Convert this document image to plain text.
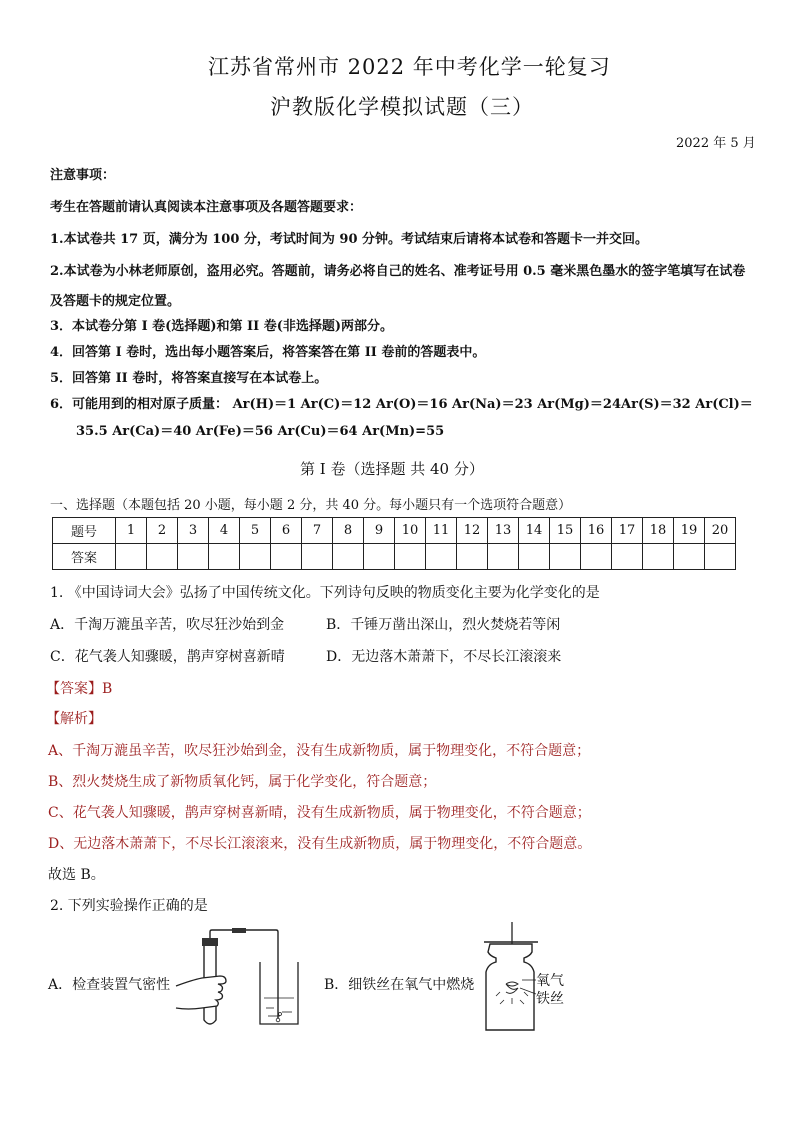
江苏省常州市 2022 年中考化学一轮复习
沪教版化学模拟试题（三）
2022 年 5 月
注意事项：
考生在答题前请认真阅读本注意事项及各题答题要求：
1.本试卷共 17 页，满分为 100 分，考试时间为 90 分钟。考试结束后请将本试卷和答题卡一并交回。
2.本试卷为小林老师原创，盗用必究。答题前，请务必将自己的姓名、准考证号用 0.5 毫米黑色墨水的签字笔填写在试卷
及答题卡的规定位置。
3．本试卷分第 I 卷(选择题)和第 II 卷(非选择题)两部分。
4．回答第 I 卷时，选出每小题答案后，将答案答在第 II 卷前的答题表中。
5．回答第 II 卷时，将答案直接写在本试卷上。
6．可能用到的相对原子质量： Ar(H)＝1 Ar(C)＝12 Ar(O)＝16 Ar(Na)＝23 Ar(Mg)＝24Ar(S)＝32 Ar(Cl)＝
35.5 Ar(Ca)＝40 Ar(Fe)＝56 Ar(Cu)＝64 Ar(Mn)=55
第 I 卷（选择题 共 40 分）
一、选择题（本题包括 20 小题，每小题 2 分，共 40 分。每小题只有一个选项符合题意）
题号	1	2	3	4	5	6	7	8	9	10	11	12	13	14	15	16	17	18	19	20
答案																				
1. 《中国诗词大会》弘扬了中国传统文化。下列诗句反映的物质变化主要为化学变化的是
A．千淘万漉虽辛苦，吹尽狂沙始到金	B．千锤万凿出深山，烈火焚烧若等闲
C．花气袭人知骤暖，鹊声穿树喜新晴	D．无边落木萧萧下，不尽长江滚滚来
【答案】B
【解析】
A、千淘万漉虽辛苦，吹尽狂沙始到金，没有生成新物质，属于物理变化，不符合题意；
B、烈火焚烧生成了新物质氧化钙，属于化学变化，符合题意；
C、花气袭人知骤暖，鹊声穿树喜新晴，没有生成新物质，属于物理变化，不符合题意；
D、无边落木萧萧下，不尽长江滚滚来，没有生成新物质，属于物理变化，不符合题意。
故选 B。
2. 下列实验操作正确的是
A．检查装置气密性	B．细铁丝在氧气中燃烧	氧气
铁丝
